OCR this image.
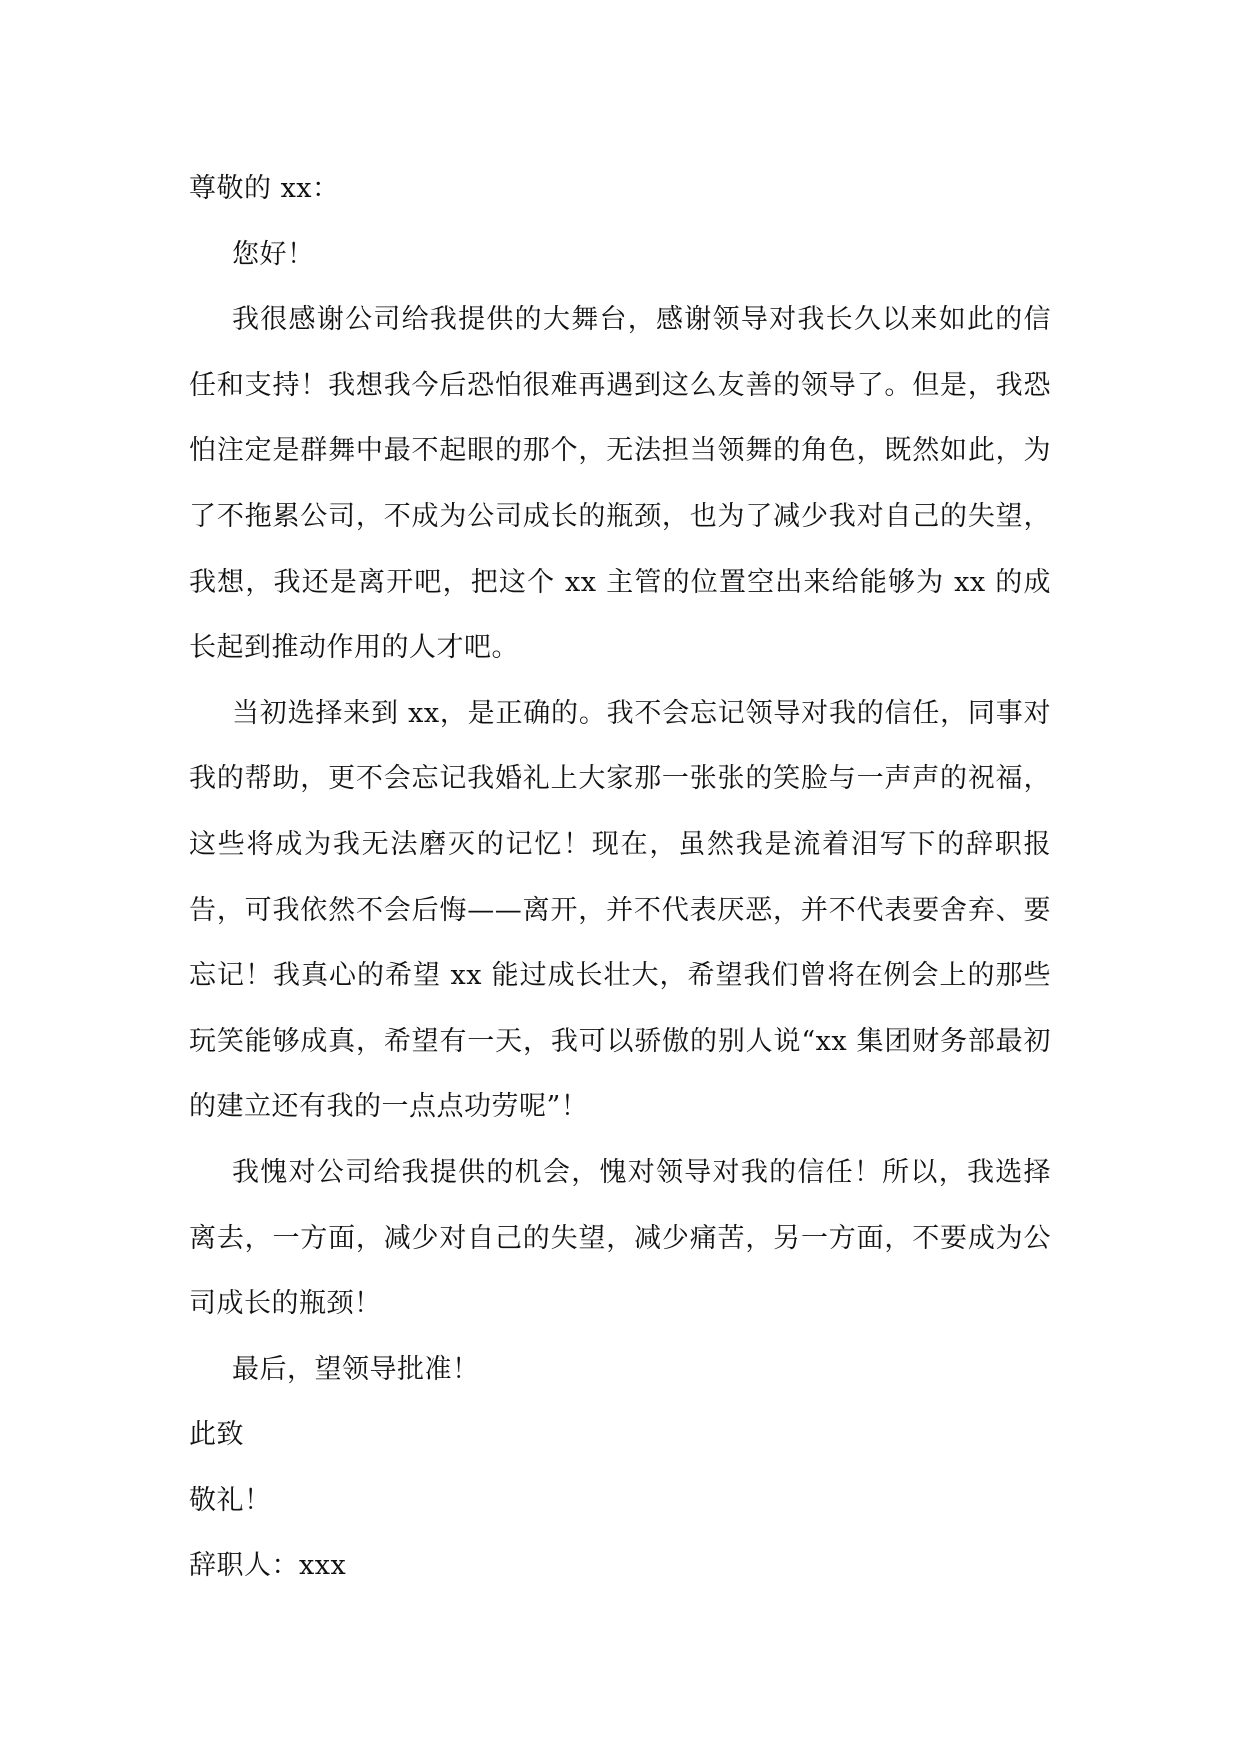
尊敬的 xx：

您好！

我很感谢公司给我提供的大舞台，感谢领导对我长久以来如此的信任和支持！我想我今后恐怕很难再遇到这么友善的领导了。但是，我恐怕注定是群舞中最不起眼的那个，无法担当领舞的角色，既然如此，为了不拖累公司，不成为公司成长的瓶颈，也为了减少我对自己的失望，我想，我还是离开吧，把这个 xx 主管的位置空出来给能够为 xx 的成长起到推动作用的人才吧。

当初选择来到 xx，是正确的。我不会忘记领导对我的信任，同事对我的帮助，更不会忘记我婚礼上大家那一张张的笑脸与一声声的祝福，这些将成为我无法磨灭的记忆！现在，虽然我是流着泪写下的辞职报告，可我依然不会后悔——离开，并不代表厌恶，并不代表要舍弃、要忘记！我真心的希望 xx 能过成长壮大，希望我们曾将在例会上的那些玩笑能够成真，希望有一天，我可以骄傲的别人说“xx 集团财务部最初的建立还有我的一点点功劳呢”！

我愧对公司给我提供的机会，愧对领导对我的信任！所以，我选择离去，一方面，减少对自己的失望，减少痛苦，另一方面，不要成为公司成长的瓶颈！

最后，望领导批准！

此致

敬礼！

辞职人：xxx
